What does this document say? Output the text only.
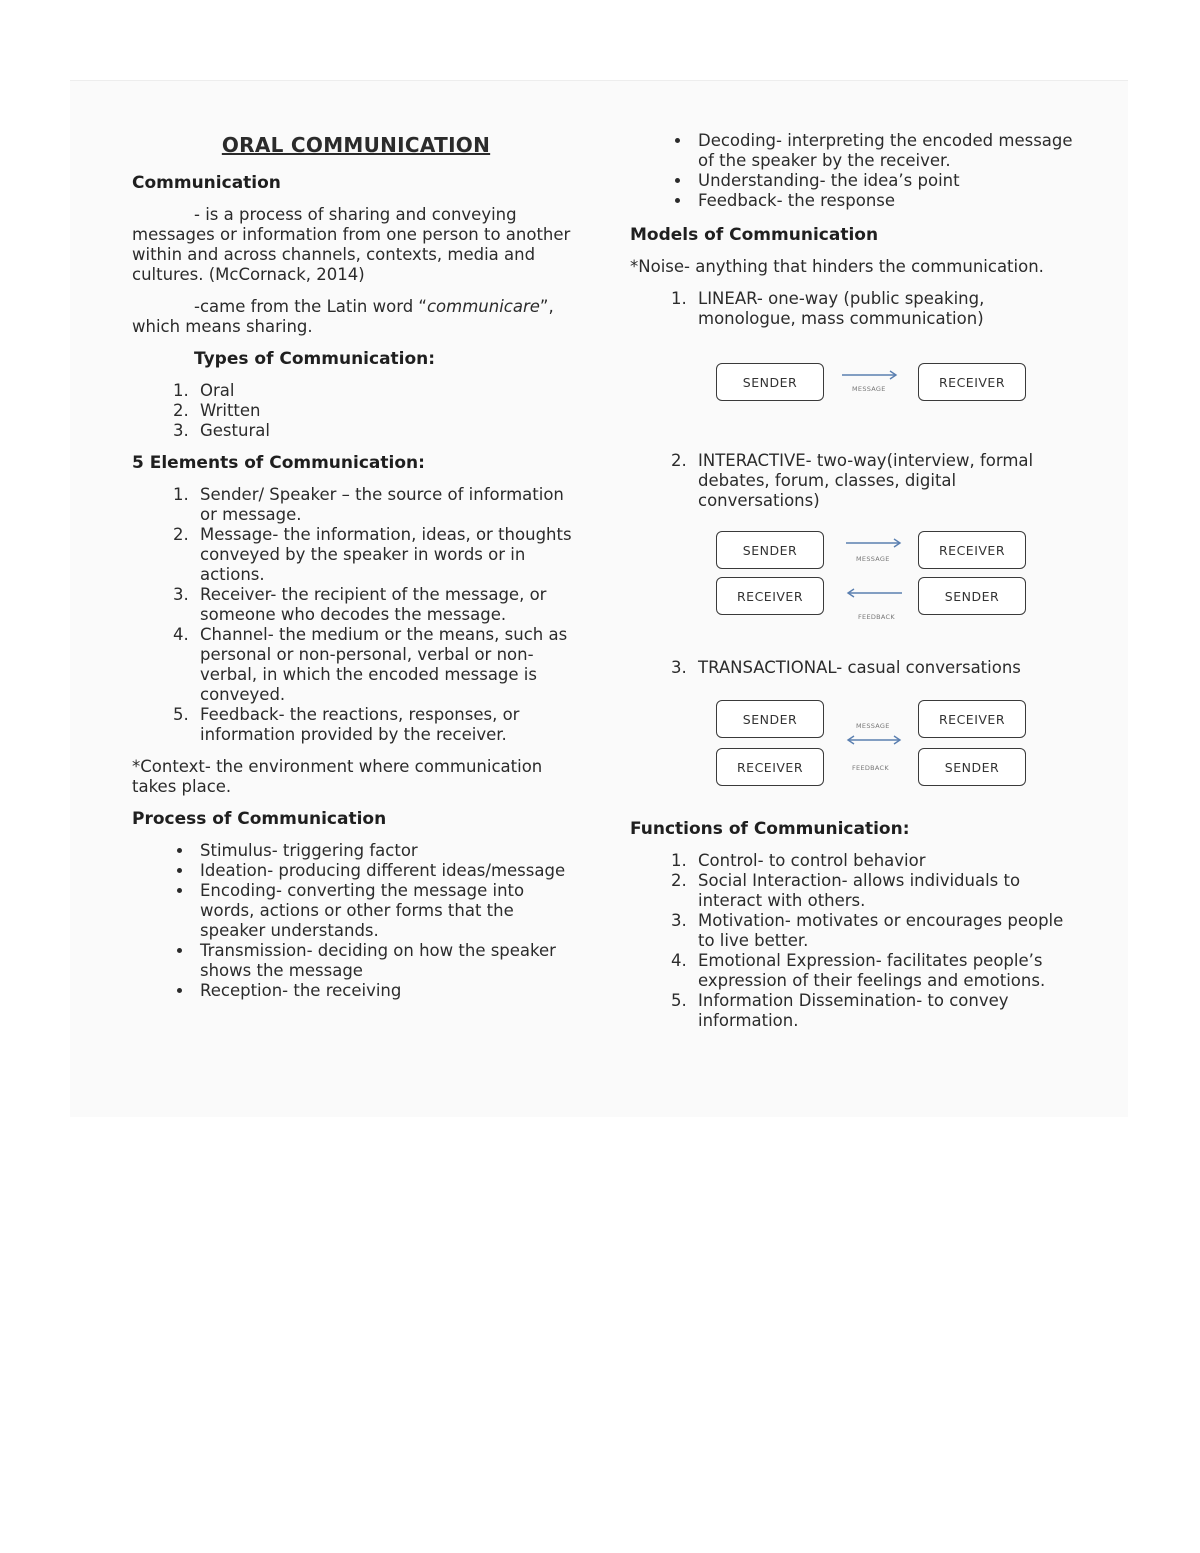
ORAL COMMUNICATION
Communication

- is a process of sharing and conveying messages or information from one person to another within and across channels, contexts, media and cultures. (McCornack, 2014)

-came from the Latin word “communicare”, which means sharing.

Types of Communication:
1. Oral
2. Written
3. Gestural
5 Elements of Communication:
1. Sender/ Speaker – the source of information or message.
2. Message- the information, ideas, or thoughts conveyed by the speaker in words or in actions.
3. Receiver- the recipient of the message, or someone who decodes the message.
4. Channel- the medium or the means, such as personal or non-personal, verbal or non-verbal, in which the encoded message is conveyed.
5. Feedback- the reactions, responses, or information provided by the receiver.

*Context- the environment where communication takes place.

Process of Communication
• Stimulus- triggering factor
• Ideation- producing different ideas/message
• Encoding- converting the message into words, actions or other forms that the speaker understands.
• Transmission- deciding on how the speaker shows the message
• Reception- the receiving
• Decoding- interpreting the encoded message of the speaker by the receiver.
• Understanding- the idea’s point
• Feedback- the response
Models of Communication

*Noise- anything that hinders the communication.

1. LINEAR- one-way (public speaking, monologue, mass communication)
SENDER	MESSAGE	RECEIVER
2. INTERACTIVE- two-way(interview, formal debates, forum, classes, digital conversations)
SENDER
MESSAGE
RECEIVER
RECEIVER
FEEDBACK
SENDER
3. TRANSACTIONAL- casual conversations
SENDER	MESSAGE	RECEIVER
RECEIVER	FEEDBACK	SENDER
Functions of Communication:
1. Control- to control behavior
2. Social Interaction- allows individuals to interact with others.
3. Motivation- motivates or encourages people to live better.
4. Emotional Expression- facilitates people’s expression of their feelings and emotions.
5. Information Dissemination- to convey information.
